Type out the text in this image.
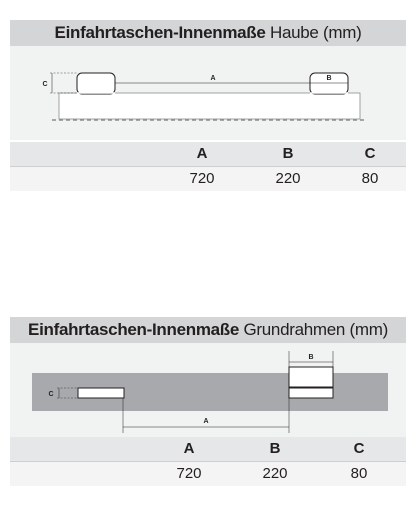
Einfahrtaschen-Innenmaße Haube (mm)
A	B
C
A	B	C
720	220	80
Einfahrtaschen-Innenmaße Grundrahmen (mm)
B
A
C
A	B	C
720	220	80
